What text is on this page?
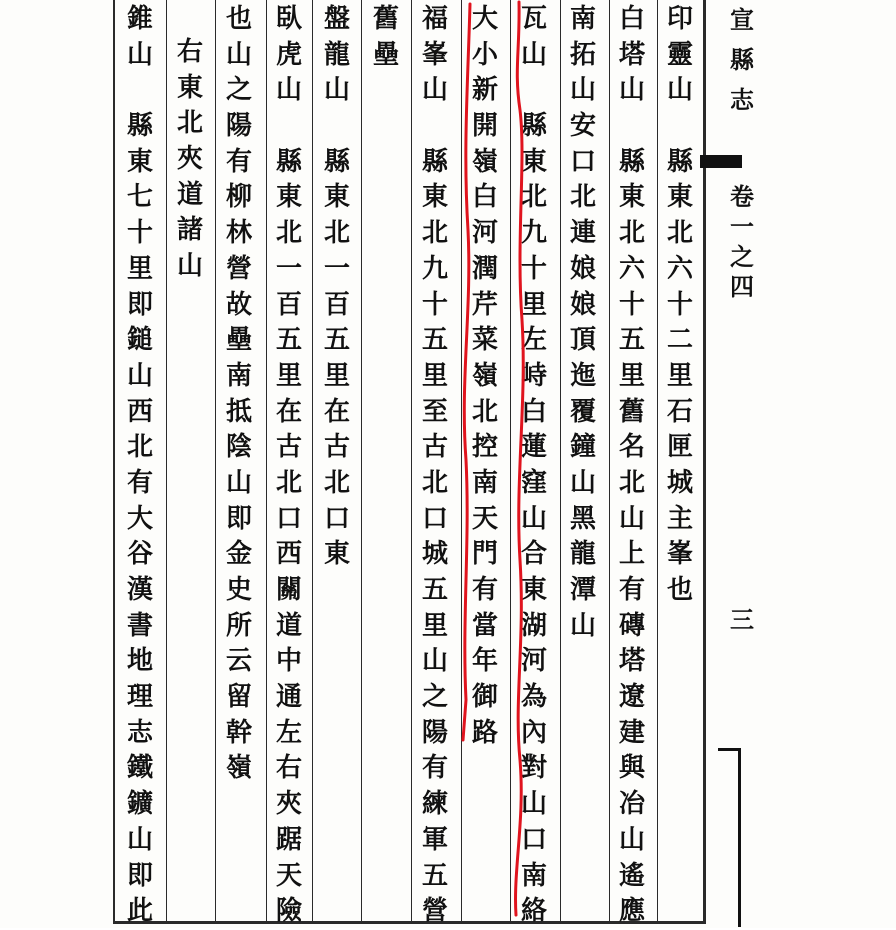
印
靈
山
縣
東
北
六
十
二
里
石
匣
城
主
峯
也
白
塔
山
縣
東
北
六
十
五
里
舊
名
北
山
上
有
磚
塔
遼
建
與
冶
山
遙
應
南
拓
山
安
口
北
連
娘
娘
頂
迤
覆
鐘
山
黑
龍
潭
山
瓦
山
縣
東
北
九
十
里
左
峙
白
蓮
窪
山
合
東
湖
河
為
內
對
山
口
南
絡
大
小
新
開
嶺
白
河
潤
芹
菜
嶺
北
控
南
天
門
有
當
年
御
路
福
峯
山
縣
東
北
九
十
五
里
至
古
北
口
城
五
里
山
之
陽
有
練
軍
五
營
舊
壘
盤
龍
山
縣
東
北
一
百
五
里
在
古
北
口
東
臥
虎
山
縣
東
北
一
百
五
里
在
古
北
口
西
關
道
中
通
左
右
夾
踞
天
險
也
山
之
陽
有
柳
林
營
故
壘
南
抵
陰
山
即
金
史
所
云
留
幹
嶺
右
東
北
夾
道
諸
山
錐
山
縣
東
七
十
里
即
鎚
山
西
北
有
大
谷
漢
書
地
理
志
鐵
鑛
山
即
此
宣
縣
志
卷
一
之
四
三
